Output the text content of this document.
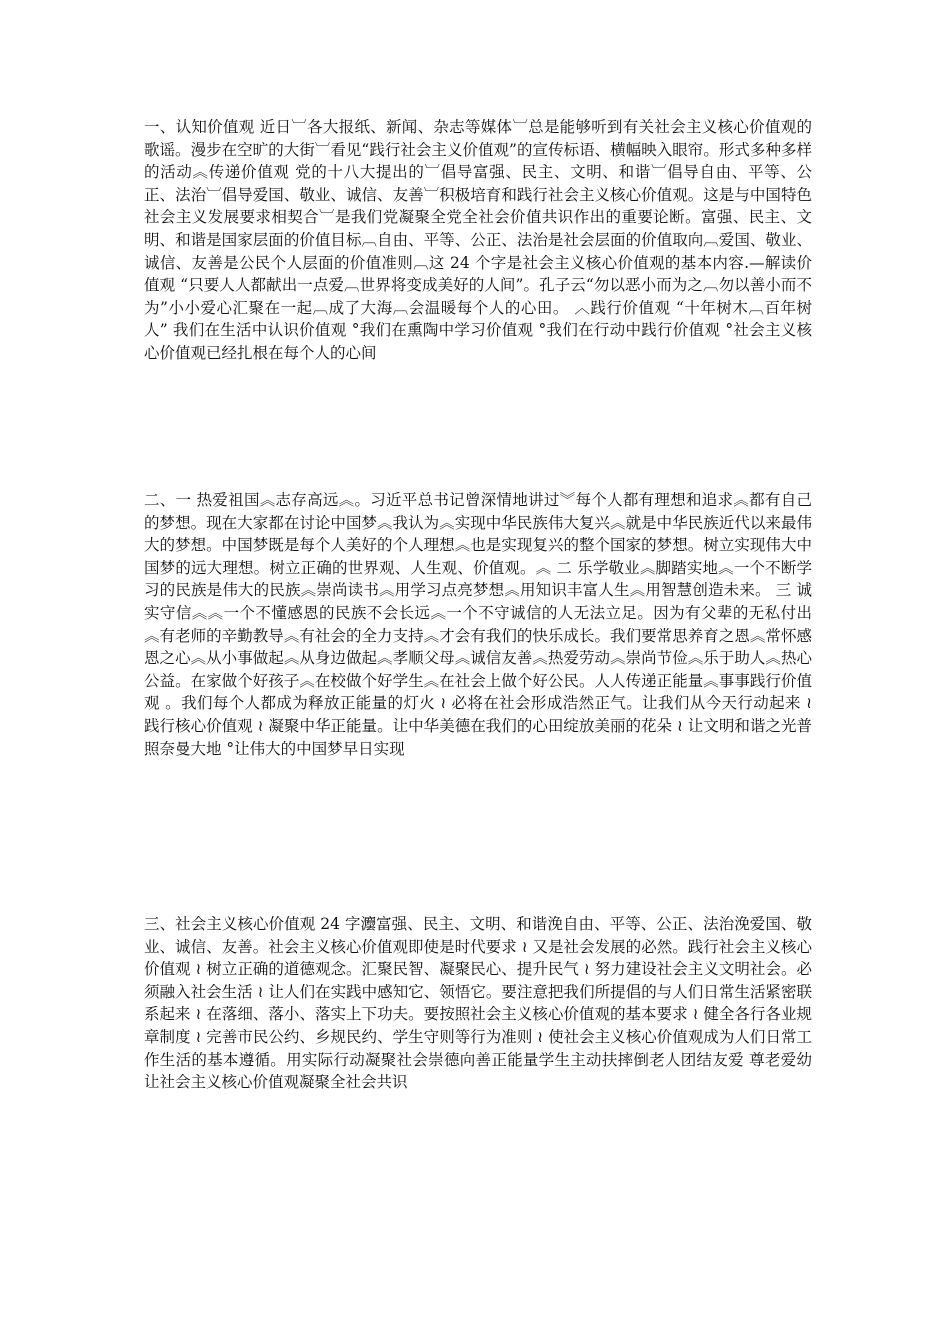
一、认知价值观 近日︺各大报纸、新闻、杂志等媒体︺总是能够听到有关社会主义核心价值观的歌谣。漫步在空旷的大街︺看见“践行社会主义价值观”的宣传标语、横幅映入眼帘。形式多种多样的活动︽传递价值观 党的十八大提出的︺倡导富强、民主、文明、和谐︺倡导自由、平等、公正、法治︺倡导爱国、敬业、诚信、友善︺积极培育和践行社会主义核心价值观。这是与中国特色社会主义发展要求相契合︺是我们党凝聚全党全社会价值共识作出的重要论断。富强、民主、文明、和谐是国家层面的价值目标︹自由、平等、公正、法治是社会层面的价值取向︹爱国、敬业、诚信、友善是公民个人层面的价值准则︹这 24 个字是社会主义核心价值观的基本内容.—解读价值观 “只要人人都献出一点爱︹世界将变成美好的人间”。孔子云“勿以恶小而为之︹勿以善小而不为”小小爱心汇聚在一起︹成了大海︹会温暖每个人的心田。 ︿践行价值观 “十年树木︹百年树人” 我们在生活中认识价值观 °我们在熏陶中学习价值观 °我们在行动中践行价值观 °社会主义核心价值观已经扎根在每个人的心间

二、一 热爱祖国︽志存高远︽。习近平总书记曾深情地讲过︾每个人都有理想和追求︽都有自己的梦想。现在大家都在讨论中国梦︽我认为︽实现中华民族伟大复兴︽就是中华民族近代以来最伟大的梦想。中国梦既是每个人美好的个人理想︽也是实现复兴的整个国家的梦想。树立实现伟大中国梦的远大理想。树立正确的世界观、人生观、价值观。︽ 二 乐学敬业︽脚踏实地︽一个不断学习的民族是伟大的民族︽崇尚读书︽用学习点亮梦想︽用知识丰富人生︽用智慧创造未来。 三 诚实守信︽︽一个不懂感恩的民族不会长远︽一个不守诚信的人无法立足。因为有父辈的无私付出︽有老师的辛勤教导︽有社会的全力支持︽才会有我们的快乐成长。我们要常思养育之恩︽常怀感恩之心︽从小事做起︽从身边做起︽孝顺父母︽诚信友善︽热爱劳动︽崇尚节俭︽乐于助人︽热心公益。在家做个好孩子︽在校做个好学生︽在社会上做个好公民。人人传递正能量︽事事践行价值观 。我们每个人都成为释放正能量的灯火 ≀ 必将在社会形成浩然正气。让我们从今天行动起来 ≀ 践行核心价值观 ≀ 凝聚中华正能量。让中华美德在我们的心田绽放美丽的花朵 ≀ 让文明和谐之光普照奈曼大地 °让伟大的中国梦早日实现

三、社会主义核心价值观 24 字灋富强、民主、文明、和谐浼自由、平等、公正、法治浼爱国、敬业、诚信、友善。社会主义核心价值观即使是时代要求 ≀ 又是社会发展的必然。践行社会主义核心价值观 ≀ 树立正确的道德观念。汇聚民智、凝聚民心、提升民气 ≀ 努力建设社会主义文明社会。必须融入社会生活 ≀ 让人们在实践中感知它、领悟它。要注意把我们所提倡的与人们日常生活紧密联系起来 ≀ 在落细、落小、落实上下功夫。要按照社会主义核心价值观的基本要求 ≀ 健全各行各业规章制度 ≀ 完善市民公约、乡规民约、学生守则等行为准则 ≀ 使社会主义核心价值观成为人们日常工作生活的基本遵循。用实际行动凝聚社会崇德向善正能量学生主动扶摔倒老人团结友爱 尊老爱幼让社会主义核心价值观凝聚全社会共识
